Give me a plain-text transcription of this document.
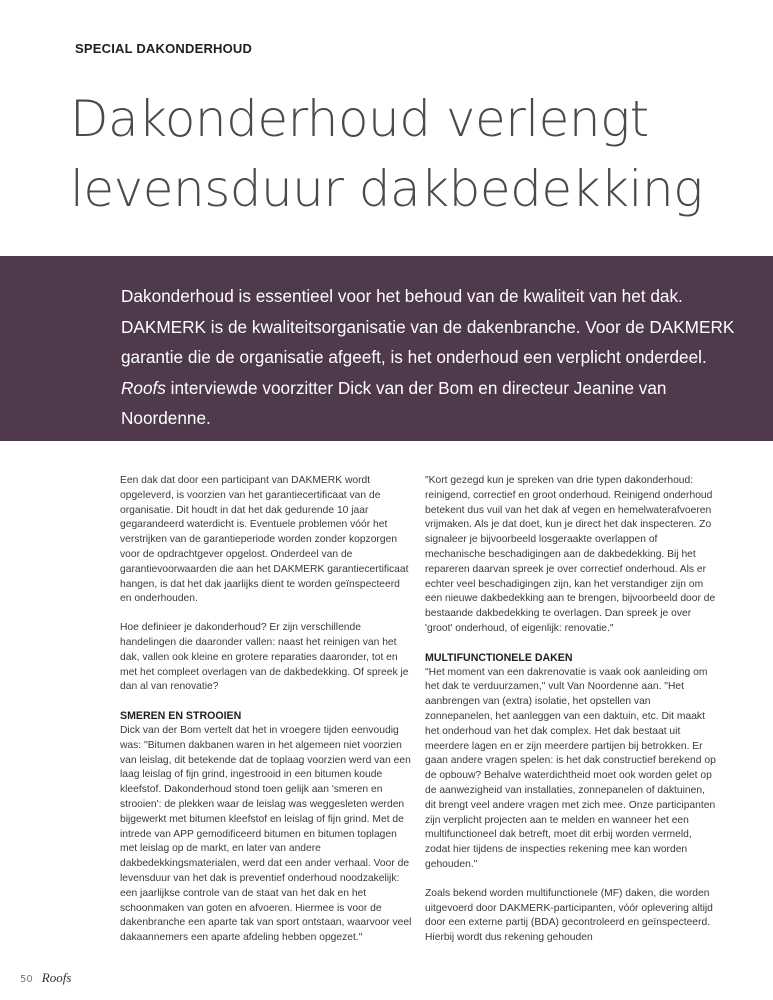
SPECIAL DAKONDERHOUD
Dakonderhoud verlengt
levensduur dakbedekking

Dakonderhoud is essentieel voor het behoud van de kwaliteit van het dak. DAKMERK is de kwaliteitsorganisatie van de dakenbranche. Voor de DAKMERK garantie die de organisatie afgeeft, is het onderhoud een verplicht onderdeel. Roofs interviewde voorzitter Dick van der Bom en directeur Jeanine van Noordenne.

Een dak dat door een participant van DAKMERK wordt opgeleverd, is voorzien van het garantiecertificaat van de organisatie. Dit houdt in dat het dak gedurende 10 jaar gegarandeerd waterdicht is. Eventuele problemen vóór het verstrijken van de garantieperiode worden zonder kopzorgen voor de opdrachtgever opgelost. Onderdeel van de garantievoorwaarden die aan het DAKMERK garantiecertificaat hangen, is dat het dak jaarlijks dient te worden geïnspecteerd en onderhouden.

Hoe definieer je dakonderhoud? Er zijn verschillende handelingen die daaronder vallen: naast het reinigen van het dak, vallen ook kleine en grotere reparaties daaronder, tot en met het compleet overlagen van de dakbedekking. Of spreek je dan al van renovatie?

SMEREN EN STROOIEN

Dick van der Bom vertelt dat het in vroegere tijden eenvoudig was: "Bitumen dakbanen waren in het algemeen niet voorzien van leislag, dit betekende dat de toplaag voorzien werd van een laag leislag of fijn grind, ingestrooid in een bitumen koude kleefstof. Dakonderhoud stond toen gelijk aan 'smeren en strooien': de plekken waar de leislag was weggesleten werden bijgewerkt met bitumen kleefstof en leislag of fijn grind. Met de intrede van APP gemodificeerd bitumen en bitumen toplagen met leislag op de markt, en later van andere dakbedekkingsmaterialen, werd dat een ander verhaal. Voor de levensduur van het dak is preventief onderhoud noodzakelijk: een jaarlijkse controle van de staat van het dak en het schoonmaken van goten en afvoeren. Hiermee is voor de dakenbranche een aparte tak van sport ontstaan, waarvoor veel dakaannemers een aparte afdeling hebben opgezet."

"Kort gezegd kun je spreken van drie typen dakonderhoud: reinigend, correctief en groot onderhoud. Reinigend onderhoud betekent dus vuil van het dak af vegen en hemelwaterafvoeren vrijmaken. Als je dat doet, kun je direct het dak inspecteren. Zo signaleer je bijvoorbeeld losgeraakte overlappen of mechanische beschadigingen aan de dakbedekking. Bij het repareren daarvan spreek je over correctief onderhoud. Als er echter veel beschadigingen zijn, kan het verstandiger zijn om een nieuwe dakbedekking aan te brengen, bijvoorbeeld door de bestaande dakbedekking te overlagen. Dan spreek je over 'groot' onderhoud, of eigenlijk: renovatie."

MULTIFUNCTIONELE DAKEN

"Het moment van een dakrenovatie is vaak ook aanleiding om het dak te verduurzamen," vult Van Noordenne aan. "Het aanbrengen van (extra) isolatie, het opstellen van zonnepanelen, het aanleggen van een daktuin, etc. Dit maakt het onderhoud van het dak complex. Het dak bestaat uit meerdere lagen en er zijn meerdere partijen bij betrokken. Er gaan andere vragen spelen: is het dak constructief berekend op de opbouw? Behalve waterdichtheid moet ook worden gelet op de aanwezigheid van installaties, zonnepanelen of daktuinen, dit brengt veel andere vragen met zich mee. Onze participanten zijn verplicht projecten aan te melden en wanneer het een multifunctioneel dak betreft, moet dit erbij worden vermeld, zodat hier tijdens de inspecties rekening mee kan worden gehouden."

Zoals bekend worden multifunctionele (MF) daken, die worden uitgevoerd door DAKMERK-participanten, vóór oplevering altijd door een externe partij (BDA) gecontroleerd en geïnspecteerd. Hierbij wordt dus rekening gehouden

50 Roofs
